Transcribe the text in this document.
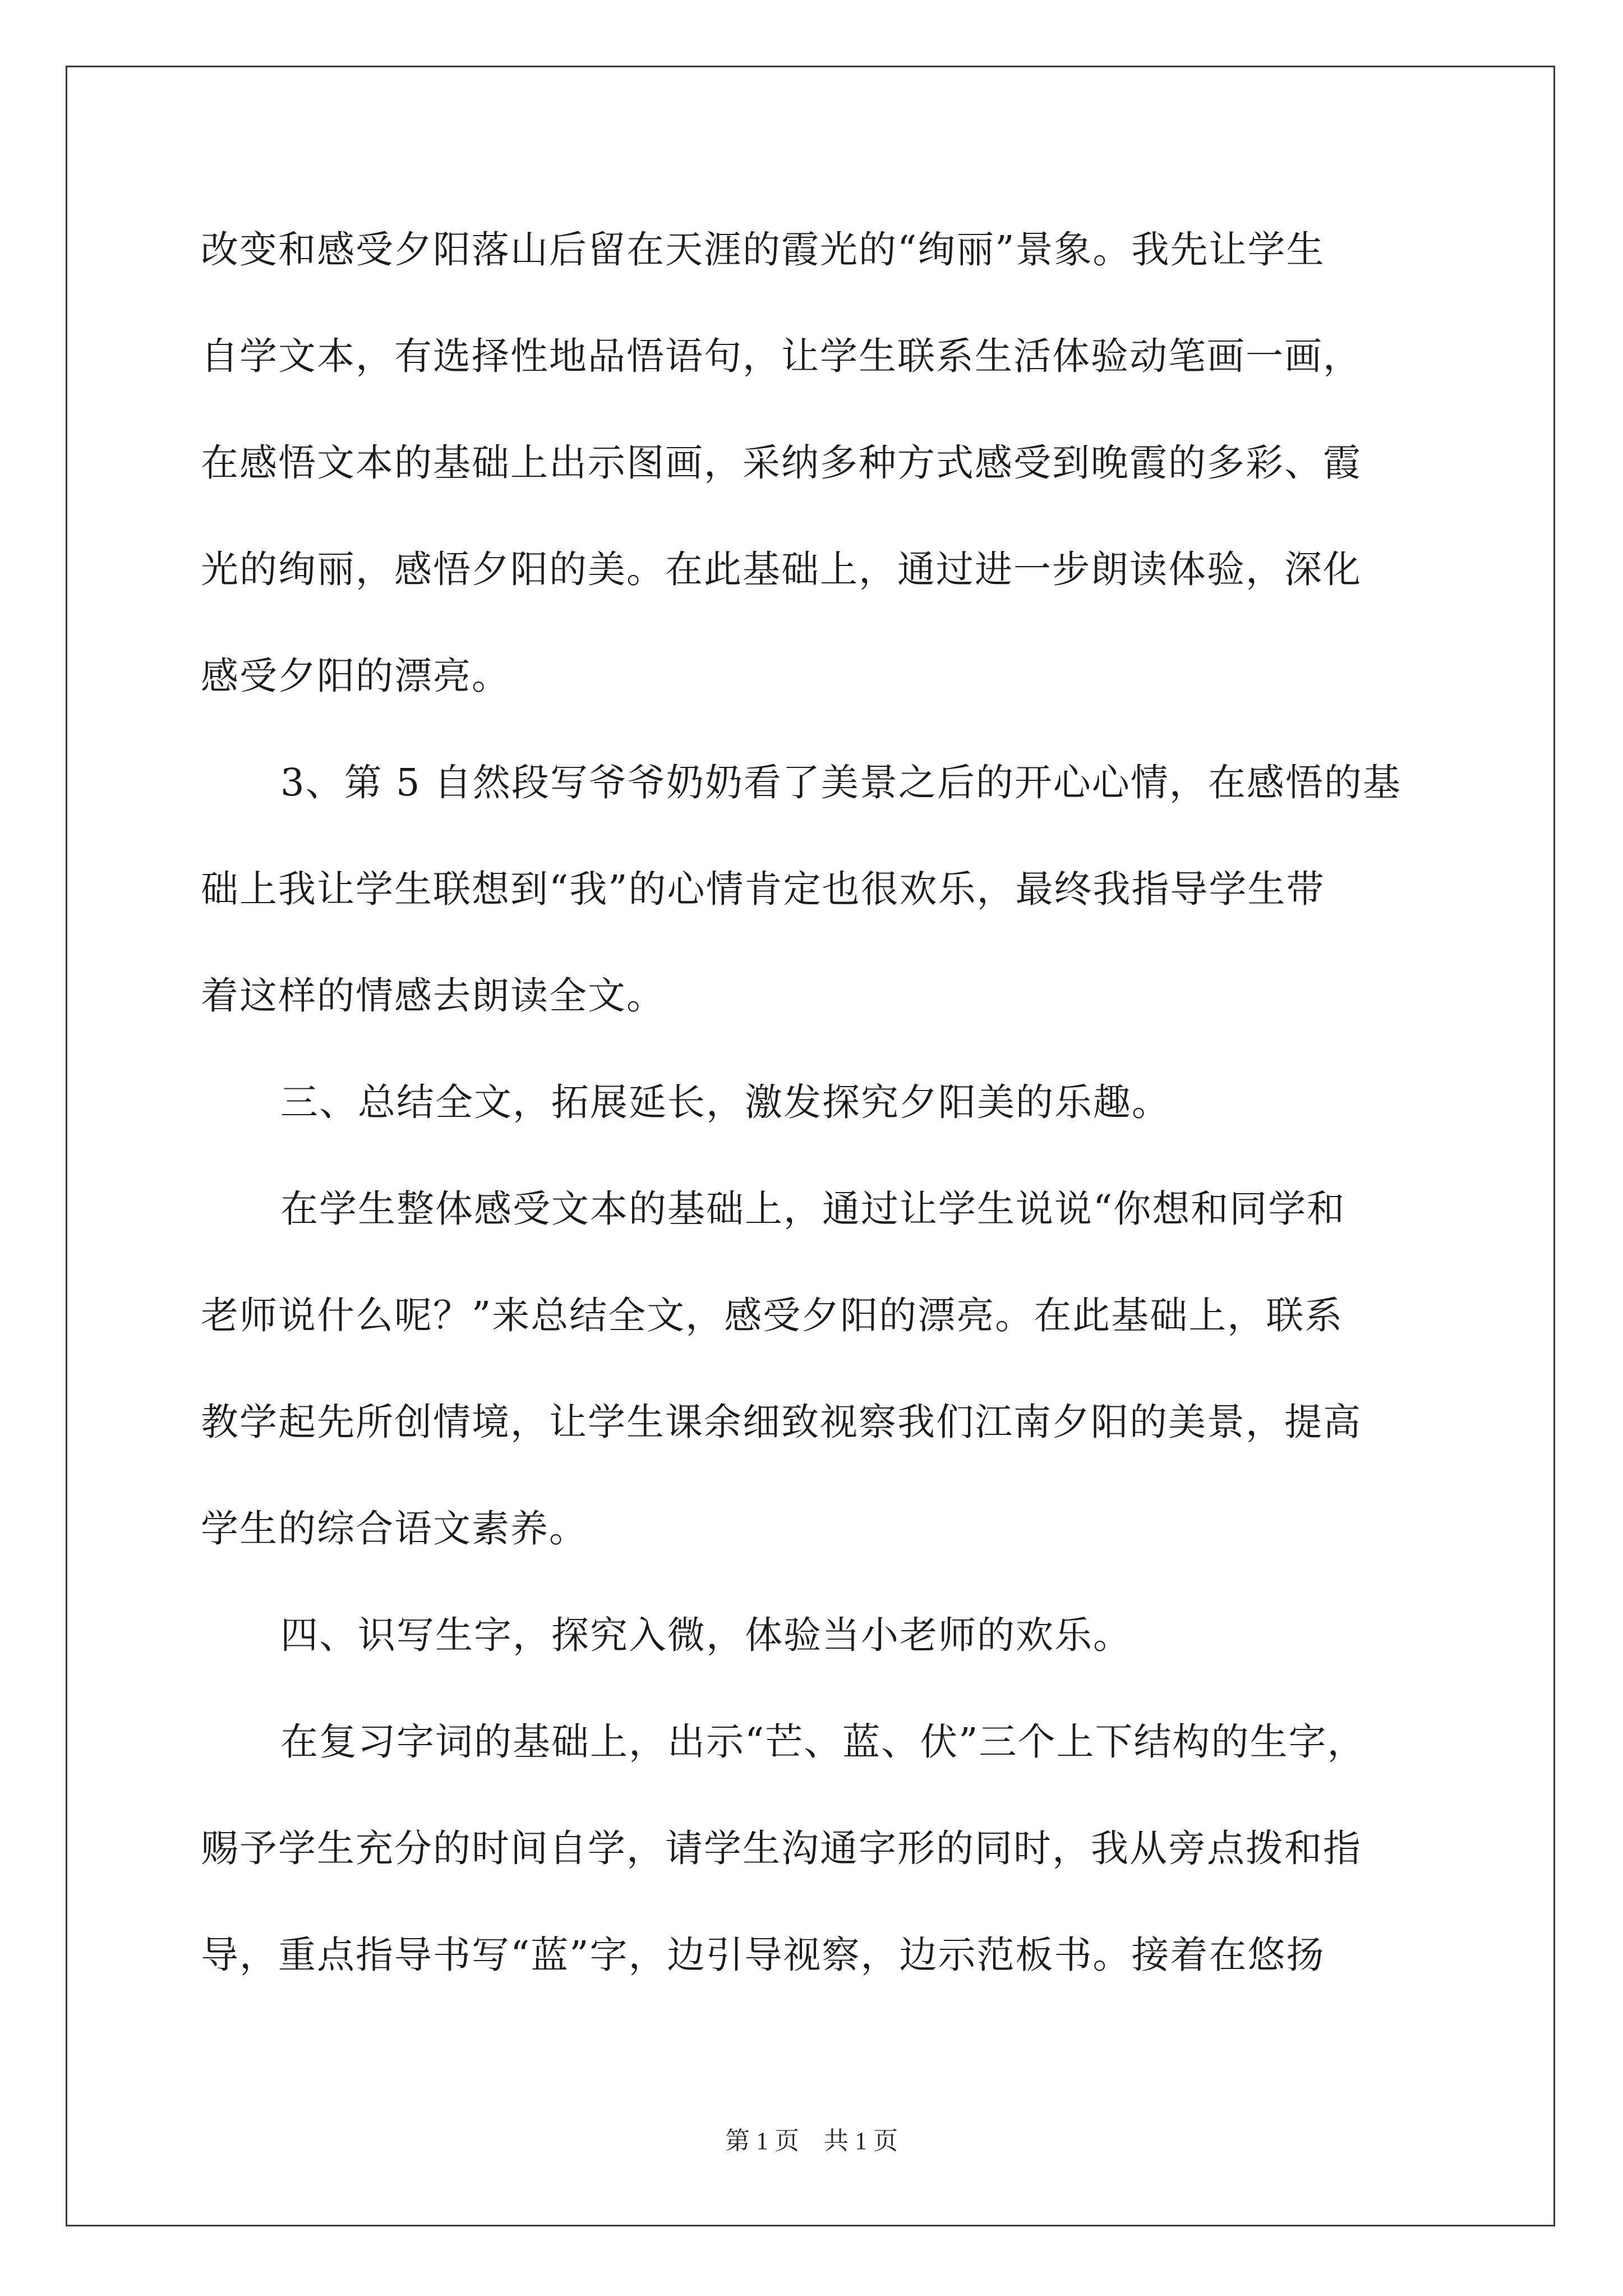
改变和感受夕阳落山后留在天涯的霞光的“绚丽”景象。我先让学生
自学文本，有选择性地品悟语句，让学生联系生活体验动笔画一画，
在感悟文本的基础上出示图画，采纳多种方式感受到晚霞的多彩、霞
光的绚丽，感悟夕阳的美。在此基础上，通过进一步朗读体验，深化
感受夕阳的漂亮。
3、第 5 自然段写爷爷奶奶看了美景之后的开心心情，在感悟的基
础上我让学生联想到“我”的心情肯定也很欢乐，最终我指导学生带
着这样的情感去朗读全文。
三、总结全文，拓展延长，激发探究夕阳美的乐趣。
在学生整体感受文本的基础上，通过让学生说说“你想和同学和
老师说什么呢？”来总结全文，感受夕阳的漂亮。在此基础上，联系
教学起先所创情境，让学生课余细致视察我们江南夕阳的美景，提高
学生的综合语文素养。
四、识写生字，探究入微，体验当小老师的欢乐。
在复习字词的基础上，出示“芒、蓝、伏”三个上下结构的生字，
赐予学生充分的时间自学，请学生沟通字形的同时，我从旁点拨和指
导，重点指导书写“蓝”字，边引导视察，边示范板书。接着在悠扬
第 1 页　共 1 页
